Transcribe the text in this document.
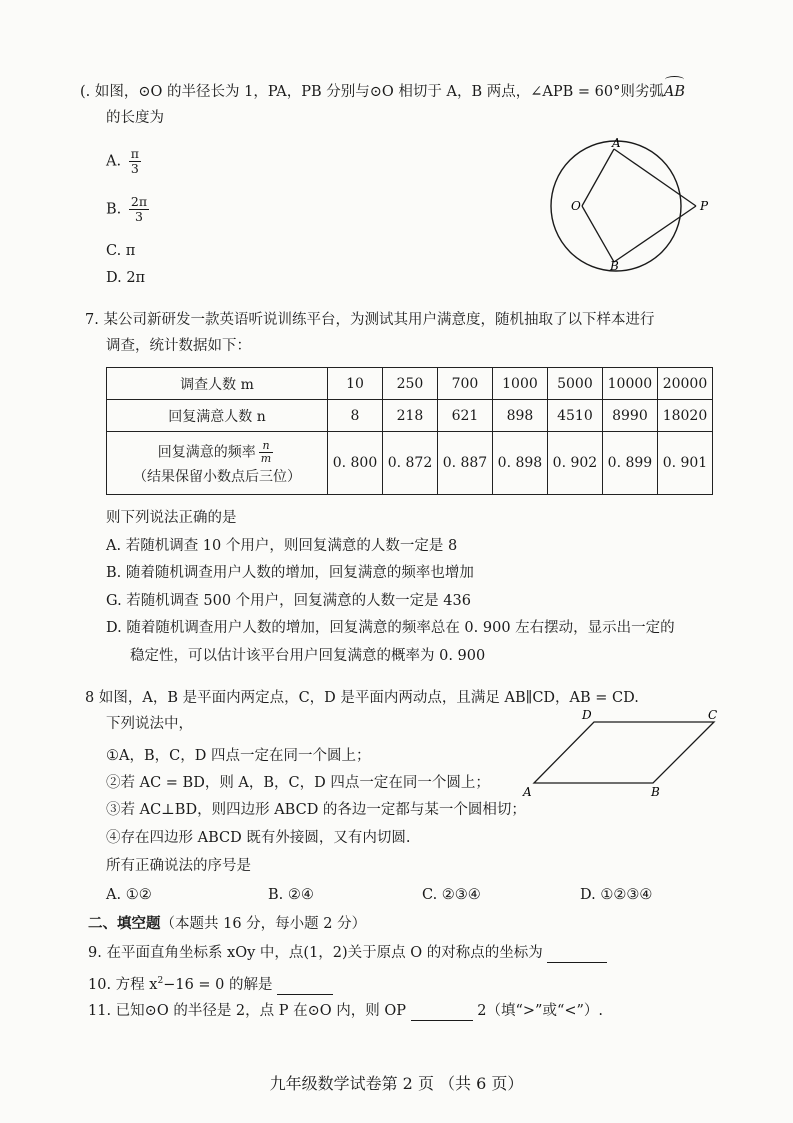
(. 如图，⊙O 的半径长为 1，PA，PB 分别与⊙O 相切于 A，B 两点，∠APB = 60°则劣弧
AB
的长度为
A. $\frac{\pi}{3}$
B. $\frac{2\pi}{3}$
C. π
D. 2π
A
B
O	P
7. 某公司新研发一款英语听说训练平台，为测试其用户满意度，随机抽取了以下样本进行
调查，统计数据如下：
调查人数 m	10	250	700	1000	5000	10000	20000
回复满意人数 n	8	218	621	898	4510	8990	18020

回复满意的频率 $\frac{n}{m}$
（结果保留小数点后三位）	0. 800	0. 872	0. 887	0. 898	0. 902	0. 899	0. 901
则下列说法正确的是
A. 若随机调查 10 个用户，则回复满意的人数一定是 8
B. 随着随机调查用户人数的增加，回复满意的频率也增加
G. 若随机调查 500 个用户，回复满意的人数一定是 436
D. 随着随机调查用户人数的增加，回复满意的频率总在 0. 900 左右摆动，显示出一定的
稳定性，可以估计该平台用户回复满意的概率为 0. 900
8 如图，A，B 是平面内两定点，C，D 是平面内两动点，且满足 AB∥CD，AB = CD.
下列说法中，
①A，B，C，D 四点一定在同一个圆上；
②若 AC = BD，则 A，B，C，D 四点一定在同一个圆上；
③若 AC⊥BD，则四边形 ABCD 的各边一定都与某一个圆相切；
④存在四边形 ABCD 既有外接圆，又有内切圆.
所有正确说法的序号是
A. ①②	B. ②④	C. ②③④	D. ①②③④
A	B
C
D
二、填空题（本题共 16 分，每小题 2 分）
9. 在平面直角坐标系 xOy 中，点(1，2)关于原点 O 的对称点的坐标为
10. 方程 $x^2-16 = 0$ 的解是
11. 已知⊙O 的半径是 2，点 P 在⊙O 内，则 OP	2（填“>”或“<”）.
九年级数学试卷第 2 页 （共 6 页）
